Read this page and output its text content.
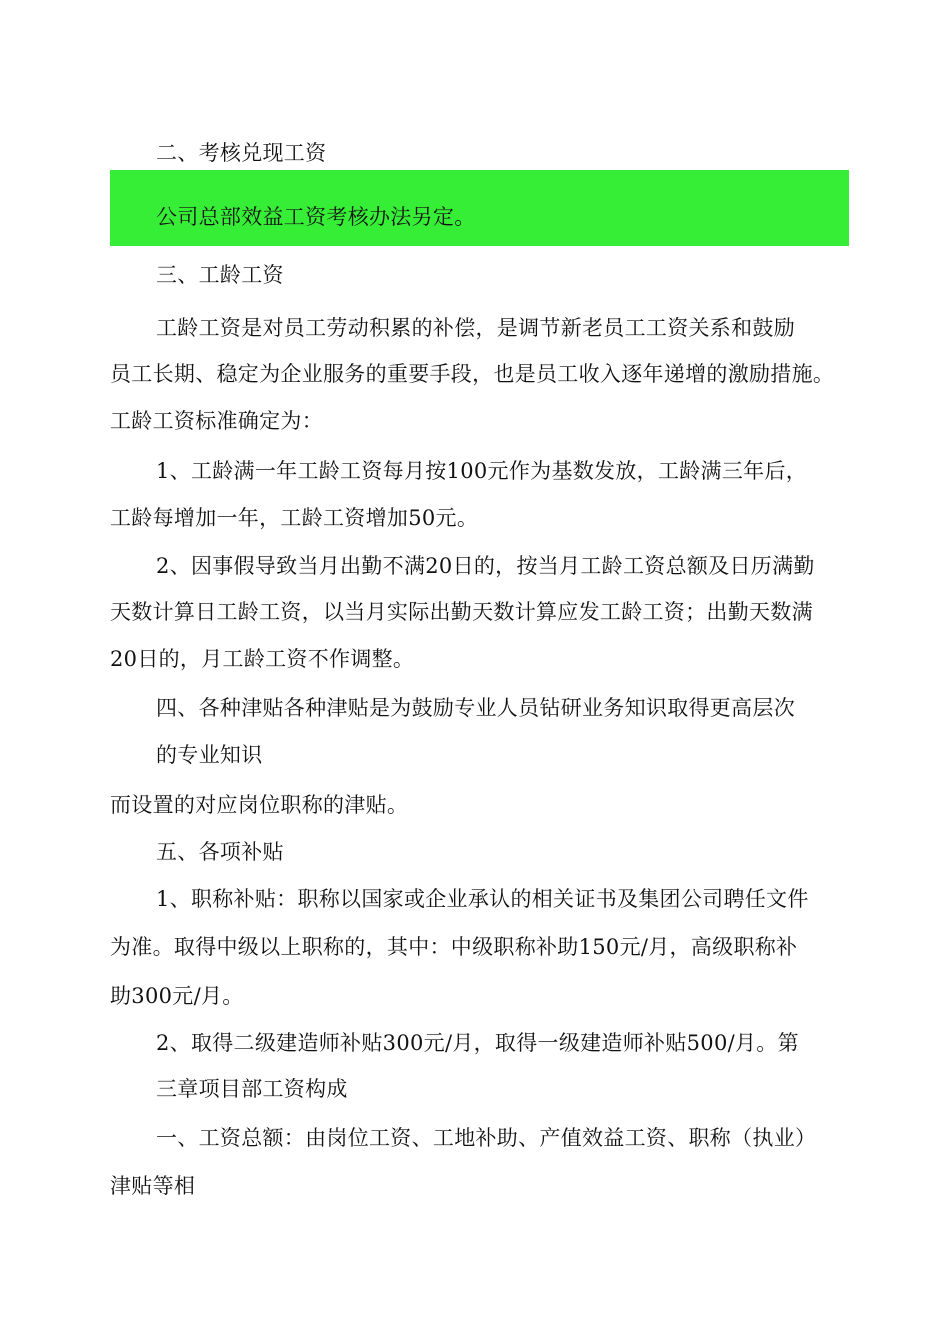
二、考核兑现工资
公司总部效益工资考核办法另定。
三、工龄工资
工龄工资是对员工劳动积累的补偿，是调节新老员工工资关系和鼓励
员工长期、稳定为企业服务的重要手段，也是员工收入逐年递增的激励措施。
工龄工资标准确定为：
1、工龄满一年工龄工资每月按100元作为基数发放，工龄满三年后，
工龄每增加一年，工龄工资增加50元。
2、因事假导致当月出勤不满20日的，按当月工龄工资总额及日历满勤
天数计算日工龄工资，以当月实际出勤天数计算应发工龄工资；出勤天数满
20日的，月工龄工资不作调整。
四、各种津贴各种津贴是为鼓励专业人员钻研业务知识取得更高层次
的专业知识
而设置的对应岗位职称的津贴。
五、各项补贴
1、职称补贴：职称以国家或企业承认的相关证书及集团公司聘任文件
为准。取得中级以上职称的，其中：中级职称补助150元/月，高级职称补
助300元/月。
2、取得二级建造师补贴300元/月，取得一级建造师补贴500/月。第
三章项目部工资构成
一、工资总额：由岗位工资、工地补助、产值效益工资、职称（执业）
津贴等相
